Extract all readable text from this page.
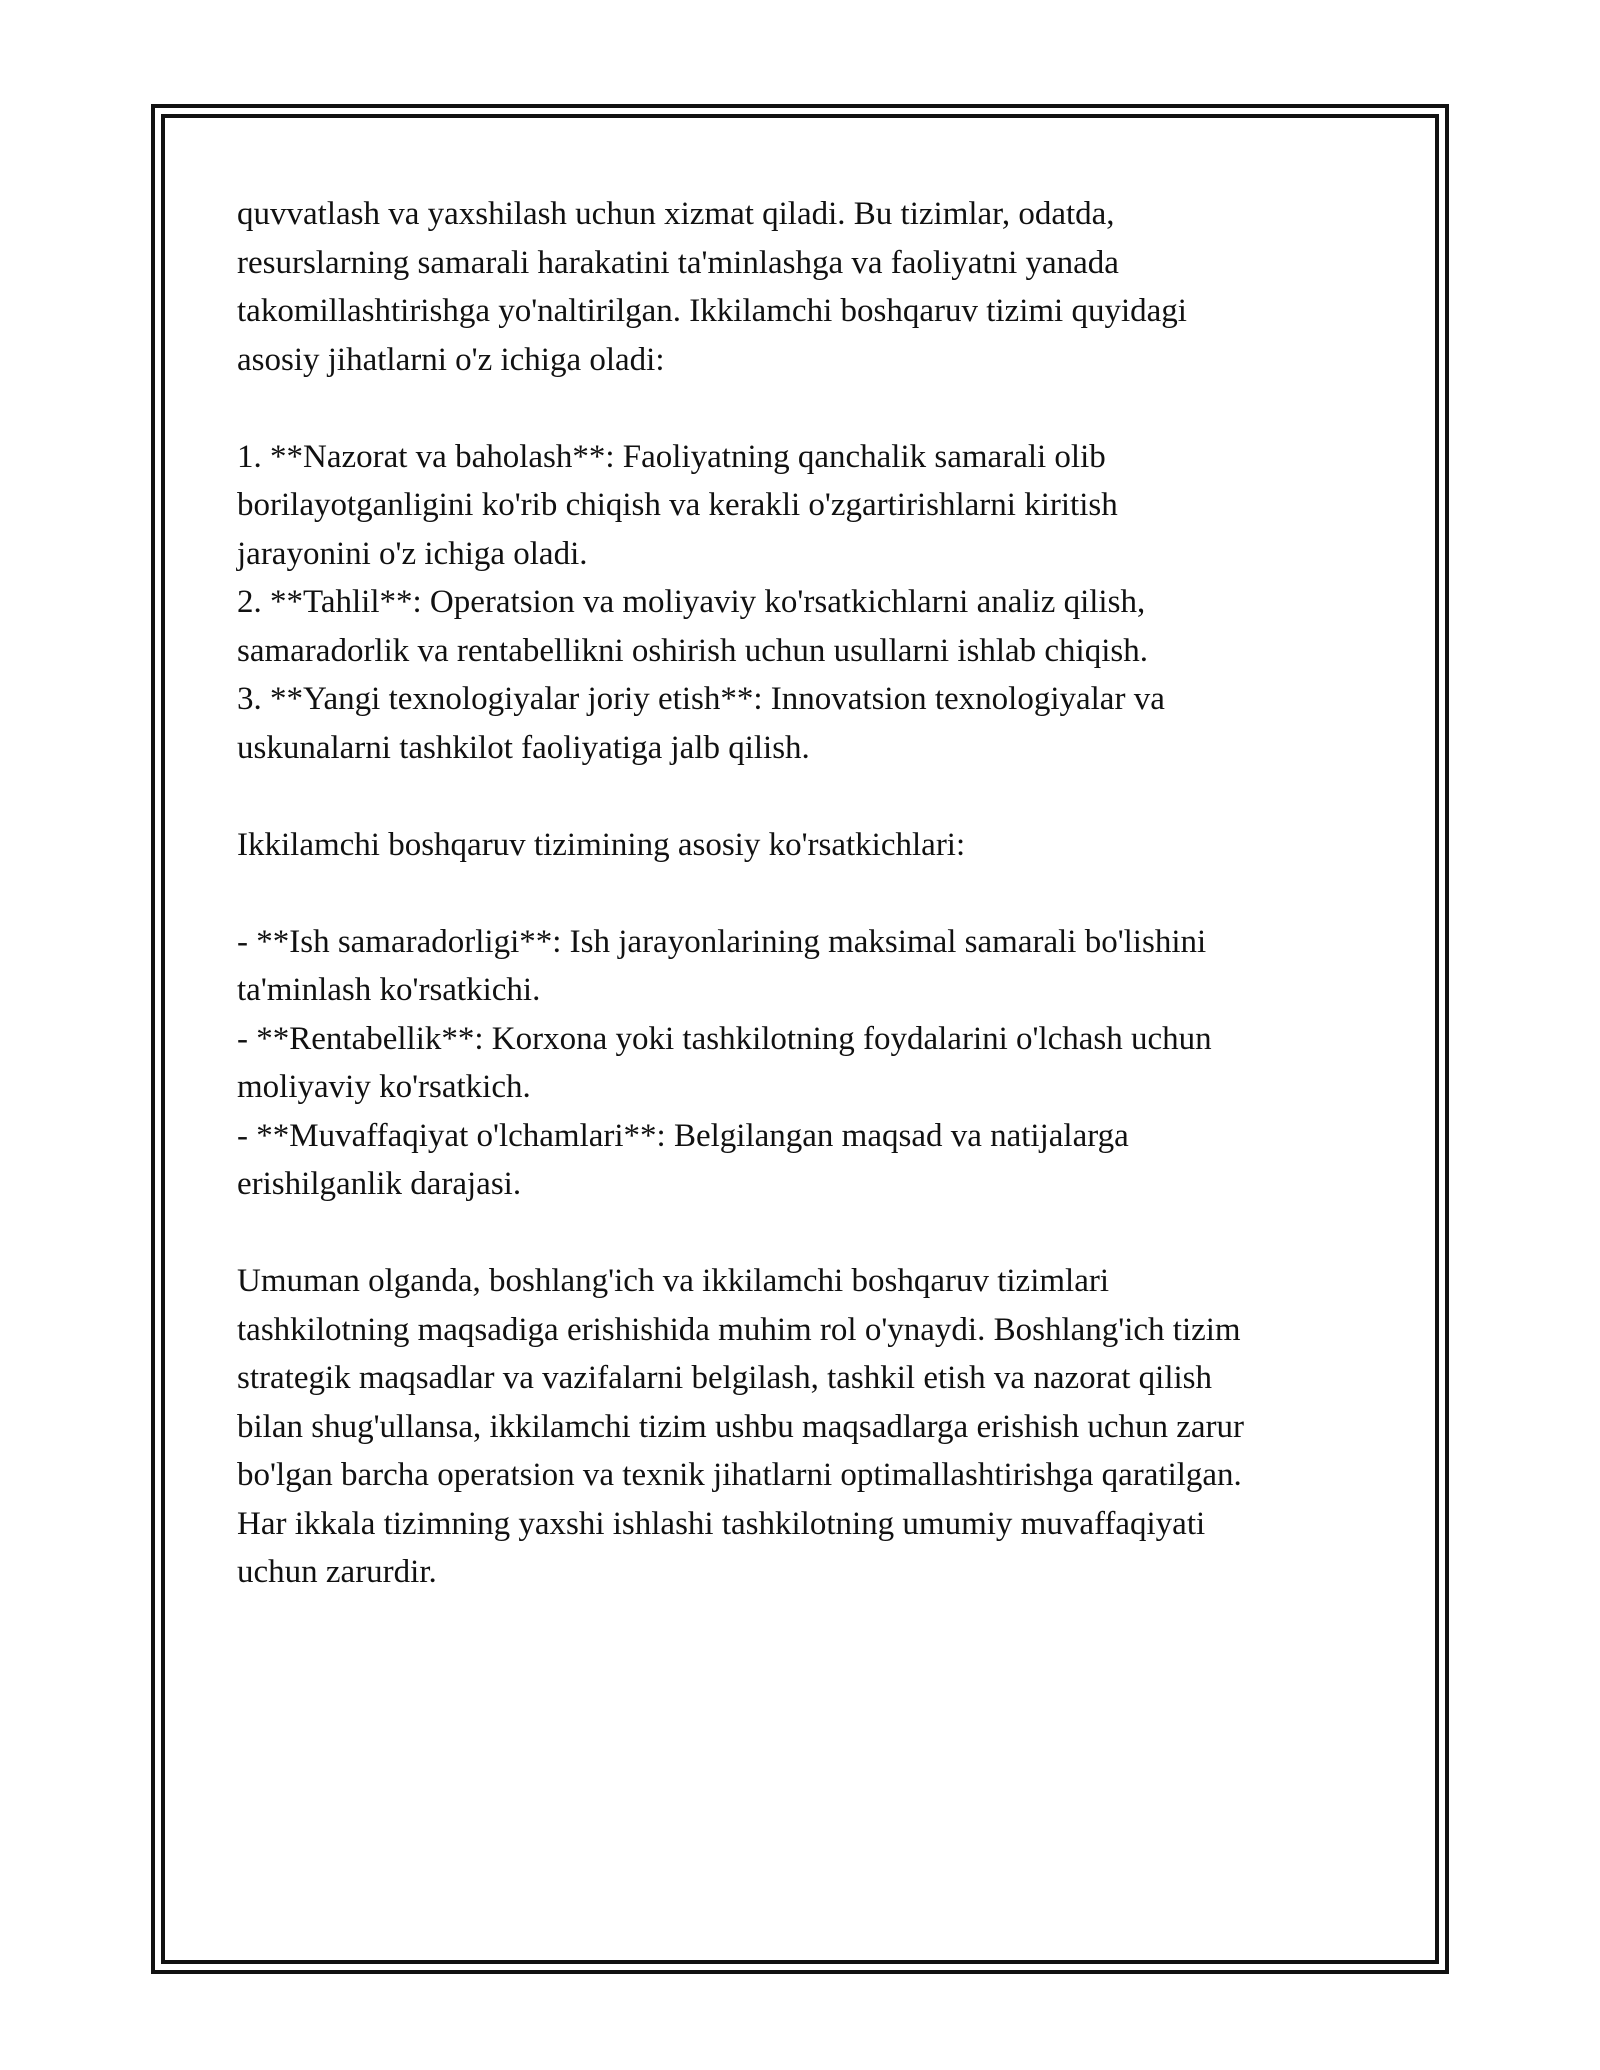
quvvatlash va yaxshilash uchun xizmat qiladi. Bu tizimlar, odatda,
resurslarning samarali harakatini ta'minlashga va faoliyatni yanada
takomillashtirishga yo'naltirilgan. Ikkilamchi boshqaruv tizimi quyidagi
asosiy jihatlarni o'z ichiga oladi:

1. **Nazorat va baholash**: Faoliyatning qanchalik samarali olib
borilayotganligini ko'rib chiqish va kerakli o'zgartirishlarni kiritish
jarayonini o'z ichiga oladi.

2. **Tahlil**: Operatsion va moliyaviy ko'rsatkichlarni analiz qilish,
samaradorlik va rentabellikni oshirish uchun usullarni ishlab chiqish.

3. **Yangi texnologiyalar joriy etish**: Innovatsion texnologiyalar va
uskunalarni tashkilot faoliyatiga jalb qilish.

Ikkilamchi boshqaruv tizimining asosiy ko'rsatkichlari:

- **Ish samaradorligi**: Ish jarayonlarining maksimal samarali bo'lishini
ta'minlash ko'rsatkichi.

- **Rentabellik**: Korxona yoki tashkilotning foydalarini o'lchash uchun
moliyaviy ko'rsatkich.

- **Muvaffaqiyat o'lchamlari**: Belgilangan maqsad va natijalarga
erishilganlik darajasi.

Umuman olganda, boshlang'ich va ikkilamchi boshqaruv tizimlari
tashkilotning maqsadiga erishishida muhim rol o'ynaydi. Boshlang'ich tizim
strategik maqsadlar va vazifalarni belgilash, tashkil etish va nazorat qilish
bilan shug'ullansa, ikkilamchi tizim ushbu maqsadlarga erishish uchun zarur
bo'lgan barcha operatsion va texnik jihatlarni optimallashtirishga qaratilgan.
Har ikkala tizimning yaxshi ishlashi tashkilotning umumiy muvaffaqiyati
uchun zarurdir.
